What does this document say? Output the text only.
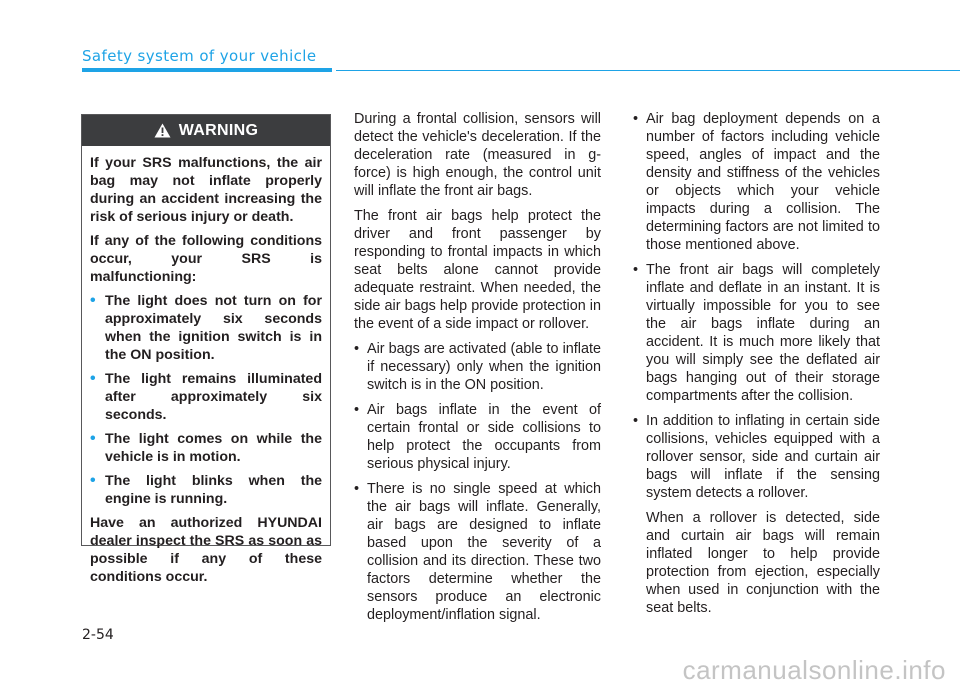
Safety system of your vehicle
WARNING

If your SRS malfunctions, the air bag may not inflate properly during an accident increasing the risk of serious injury or death.

If any of the following conditions occur, your SRS is malfunctioning:

• The light does not turn on for approximately six seconds when the ignition switch is in the ON position.
• The light remains illuminated after approximately six seconds.
• The light comes on while the vehicle is in motion.
• The light blinks when the engine is running.

Have an authorized HYUNDAI dealer inspect the SRS as soon as possible if any of these conditions occur.

During a frontal collision, sensors will detect the vehicle's deceleration. If the deceleration rate (measured in g-force) is high enough, the control unit will inflate the front air bags.

The front air bags help protect the driver and front passenger by responding to frontal impacts in which seat belts alone cannot provide adequate restraint. When needed, the side air bags help provide protection in the event of a side impact or rollover.

• Air bags are activated (able to inflate if necessary) only when the ignition switch is in the ON position.
• Air bags inflate in the event of certain frontal or side collisions to help protect the occupants from serious physical injury.
• There is no single speed at which the air bags will inflate. Generally, air bags are designed to inflate based upon the severity of a collision and its direction. These two factors determine whether the sensors produce an electronic deployment/inflation signal.
• Air bag deployment depends on a number of factors including vehicle speed, angles of impact and the density and stiffness of the vehicles or objects which your vehicle impacts during a collision. The determining factors are not limited to those mentioned above.
• The front air bags will completely inflate and deflate in an instant. It is virtually impossible for you to see the air bags inflate during an accident. It is much more likely that you will simply see the deflated air bags hanging out of their storage compartments after the collision.
• In addition to inflating in certain side collisions, vehicles equipped with a rollover sensor, side and curtain air bags will inflate if the sensing system detects a rollover.

When a rollover is detected, side and curtain air bags will remain inflated longer to help provide protection from ejection, especially when used in conjunction with the seat belts.

2-54
carmanualsonline.info
